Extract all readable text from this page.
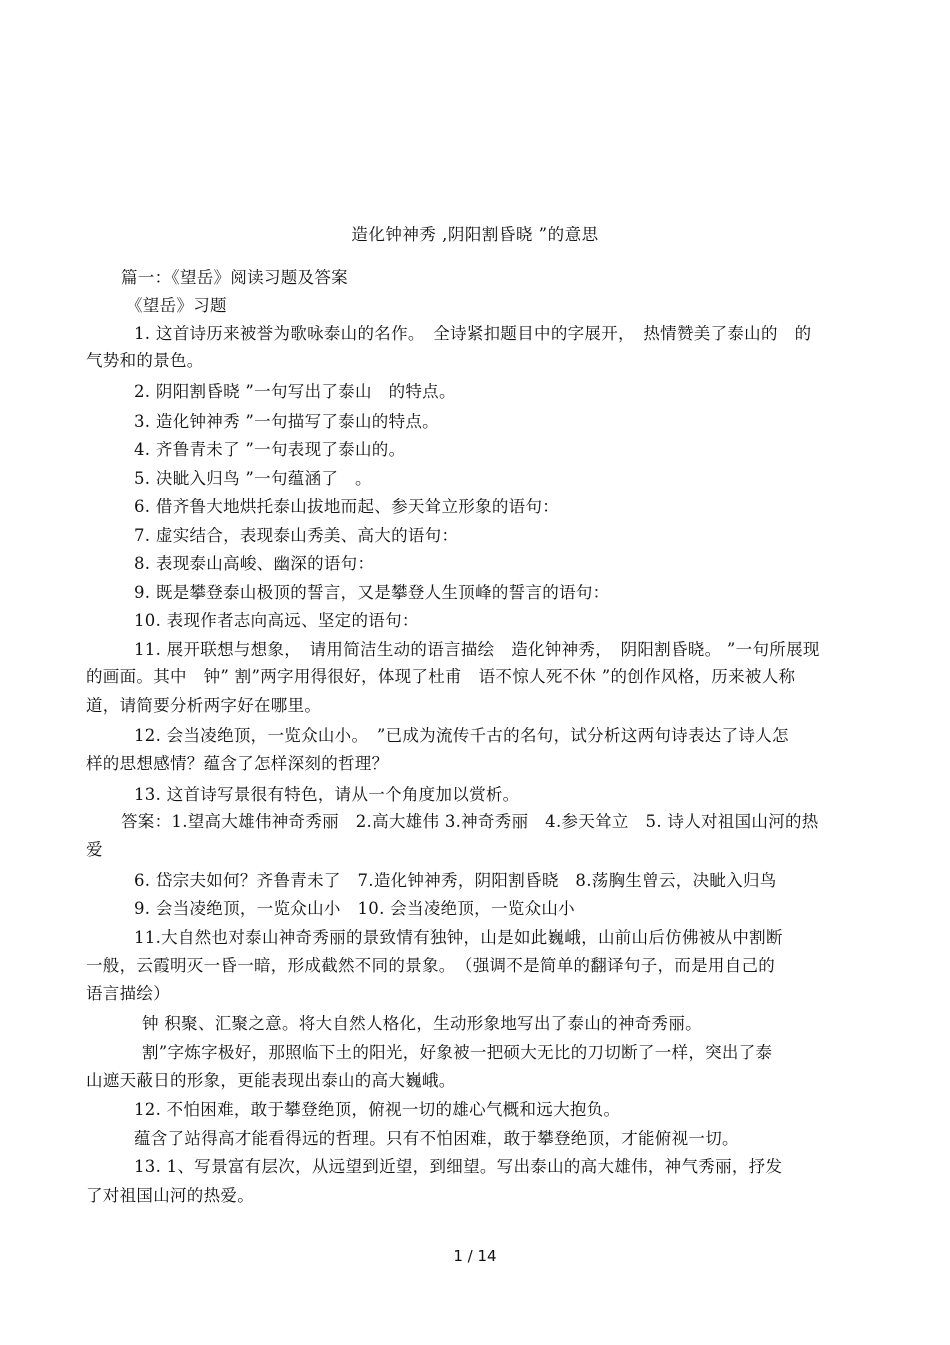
造化钟神秀 ,阴阳割昏晓 ”的意思
篇一：《望岳》阅读习题及答案
《望岳》习题
1. 这首诗历来被誉为歌咏泰山的名作。　全诗紧扣题目中的字展开，　热情赞美了泰山的　的
气势和的景色。
2. 阴阳割昏晓 ”一句写出了泰山　的特点。
3. 造化钟神秀 ”一句描写了泰山的特点。
4. 齐鲁青未了 ”一句表现了泰山的。
5. 决眦入归鸟 ”一句蕴涵了　。
6. 借齐鲁大地烘托泰山拔地而起、参天耸立形象的语句：
7. 虚实结合，表现泰山秀美、高大的语句：
8. 表现泰山高峻、幽深的语句：
9. 既是攀登泰山极顶的誓言，又是攀登人生顶峰的誓言的语句：
10. 表现作者志向高远、坚定的语句：
11. 展开联想与想象，　请用简洁生动的语言描绘　造化钟神秀，　阴阳割昏晓。 ”一句所展现
的画面。其中　钟” 割”两字用得很好，体现了杜甫　语不惊人死不休 ”的创作风格，历来被人称
道，请简要分析两字好在哪里。
12. 会当凌绝顶，一览众山小。　”已成为流传千古的名句，试分析这两句诗表达了诗人怎
样的思想感情？蕴含了怎样深刻的哲理？
13. 这首诗写景很有特色，请从一个角度加以赏析。
答案：1.望高大雄伟神奇秀丽　2.高大雄伟 3.神奇秀丽　4.参天耸立　5. 诗人对祖国山河的热
爱
6. 岱宗夫如何？齐鲁青未了　7.造化钟神秀，阴阳割昏晓　8.荡胸生曾云，决眦入归鸟
9. 会当凌绝顶，一览众山小　10. 会当凌绝顶，一览众山小
11.大自然也对泰山神奇秀丽的景致情有独钟，山是如此巍峨，山前山后仿佛被从中割断
一般，云霞明灭一昏一暗，形成截然不同的景象。　（强调不是简单的翻译句子，而是用自己的
语言描绘）
钟 积聚、汇聚之意。将大自然人格化，生动形象地写出了泰山的神奇秀丽。
割”字炼字极好，那照临下土的阳光，好象被一把硕大无比的刀切断了一样，突出了泰
山遮天蔽日的形象，更能表现出泰山的高大巍峨。
12. 不怕困难，敢于攀登绝顶，俯视一切的雄心气概和远大抱负。
蕴含了站得高才能看得远的哲理。只有不怕困难，敢于攀登绝顶，才能俯视一切。
13. 1、写景富有层次，从远望到近望，到细望。写出泰山的高大雄伟，神气秀丽，抒发
了对祖国山河的热爱。
1 / 14
